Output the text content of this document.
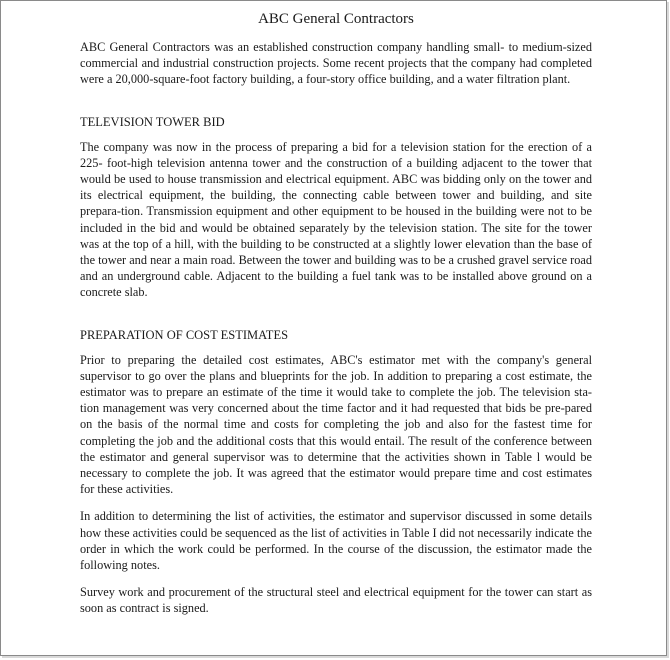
ABC General Contractors

ABC General Contractors was an established construction company handling small- to medium-sized commercial and industrial construction projects. Some recent projects that the company had completed were a 20,000-square-foot factory building, a four-story office building, and a water filtration plant.

TELEVISION TOWER BID

The company was now in the process of preparing a bid for a television station for the erection of a 225- foot-high television antenna tower and the construction of a building adjacent to the tower that would be used to house transmission and electrical equipment. ABC was bidding only on the tower and its electrical equipment, the building, the connecting cable between tower and building, and site prepara-tion. Transmission equipment and other equipment to be housed in the building were not to be included in the bid and would be obtained separately by the television station. The site for the tower was at the top of a hill, with the building to be constructed at a slightly lower elevation than the base of the tower and near a main road. Between the tower and building was to be a crushed gravel service road and an underground cable. Adjacent to the building a fuel tank was to be installed above ground on a concrete slab.

PREPARATION OF COST ESTIMATES

Prior to preparing the detailed cost estimates, ABC's estimator met with the company's general supervisor to go over the plans and blueprints for the job. In addition to preparing a cost estimate, the estimator was to prepare an estimate of the time it would take to complete the job. The television sta-tion management was very concerned about the time factor and it had requested that bids be pre-pared on the basis of the normal time and costs for completing the job and also for the fastest time for completing the job and the additional costs that this would entail. The result of the conference between the estimator and general supervisor was to determine that the activities shown in Table l would be necessary to complete the job. It was agreed that the estimator would prepare time and cost estimates for these activities.

In addition to determining the list of activities, the estimator and supervisor discussed in some details how these activities could be sequenced as the list of activities in Table I did not necessarily indicate the order in which the work could be performed. In the course of the discussion, the estimator made the following notes.

Survey work and procurement of the structural steel and electrical equipment for the tower can start as soon as contract is signed.
